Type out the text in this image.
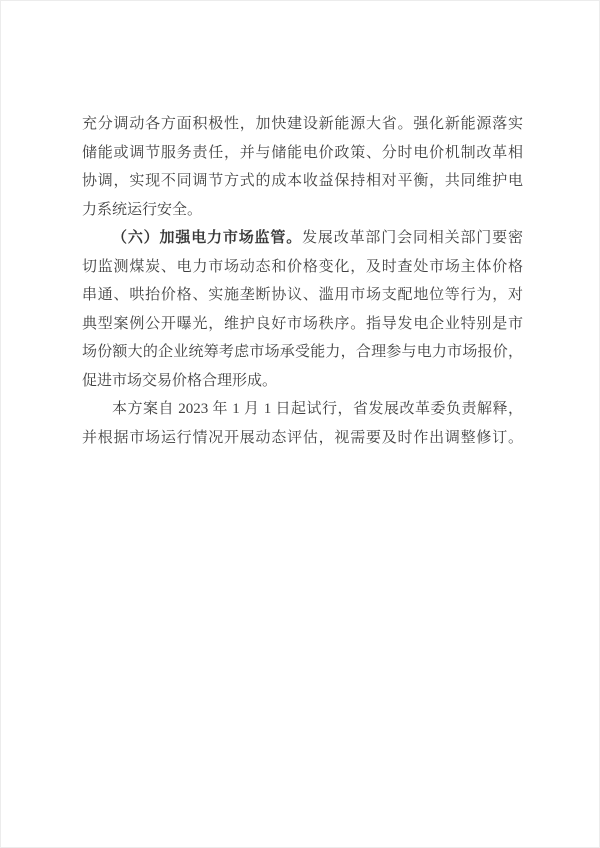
充分调动各方面积极性，加快建设新能源大省。强化新能源落实
储能或调节服务责任，并与储能电价政策、分时电价机制改革相
协调，实现不同调节方式的成本收益保持相对平衡，共同维护电
力系统运行安全。
（六）加强电力市场监管。发展改革部门会同相关部门要密
切监测煤炭、电力市场动态和价格变化，及时查处市场主体价格
串通、哄抬价格、实施垄断协议、滥用市场支配地位等行为，对
典型案例公开曝光，维护良好市场秩序。指导发电企业特别是市
场份额大的企业统筹考虑市场承受能力，合理参与电力市场报价，
促进市场交易价格合理形成。
本方案自 2023 年 1 月 1 日起试行，省发展改革委负责解释，
并根据市场运行情况开展动态评估，视需要及时作出调整修订。
